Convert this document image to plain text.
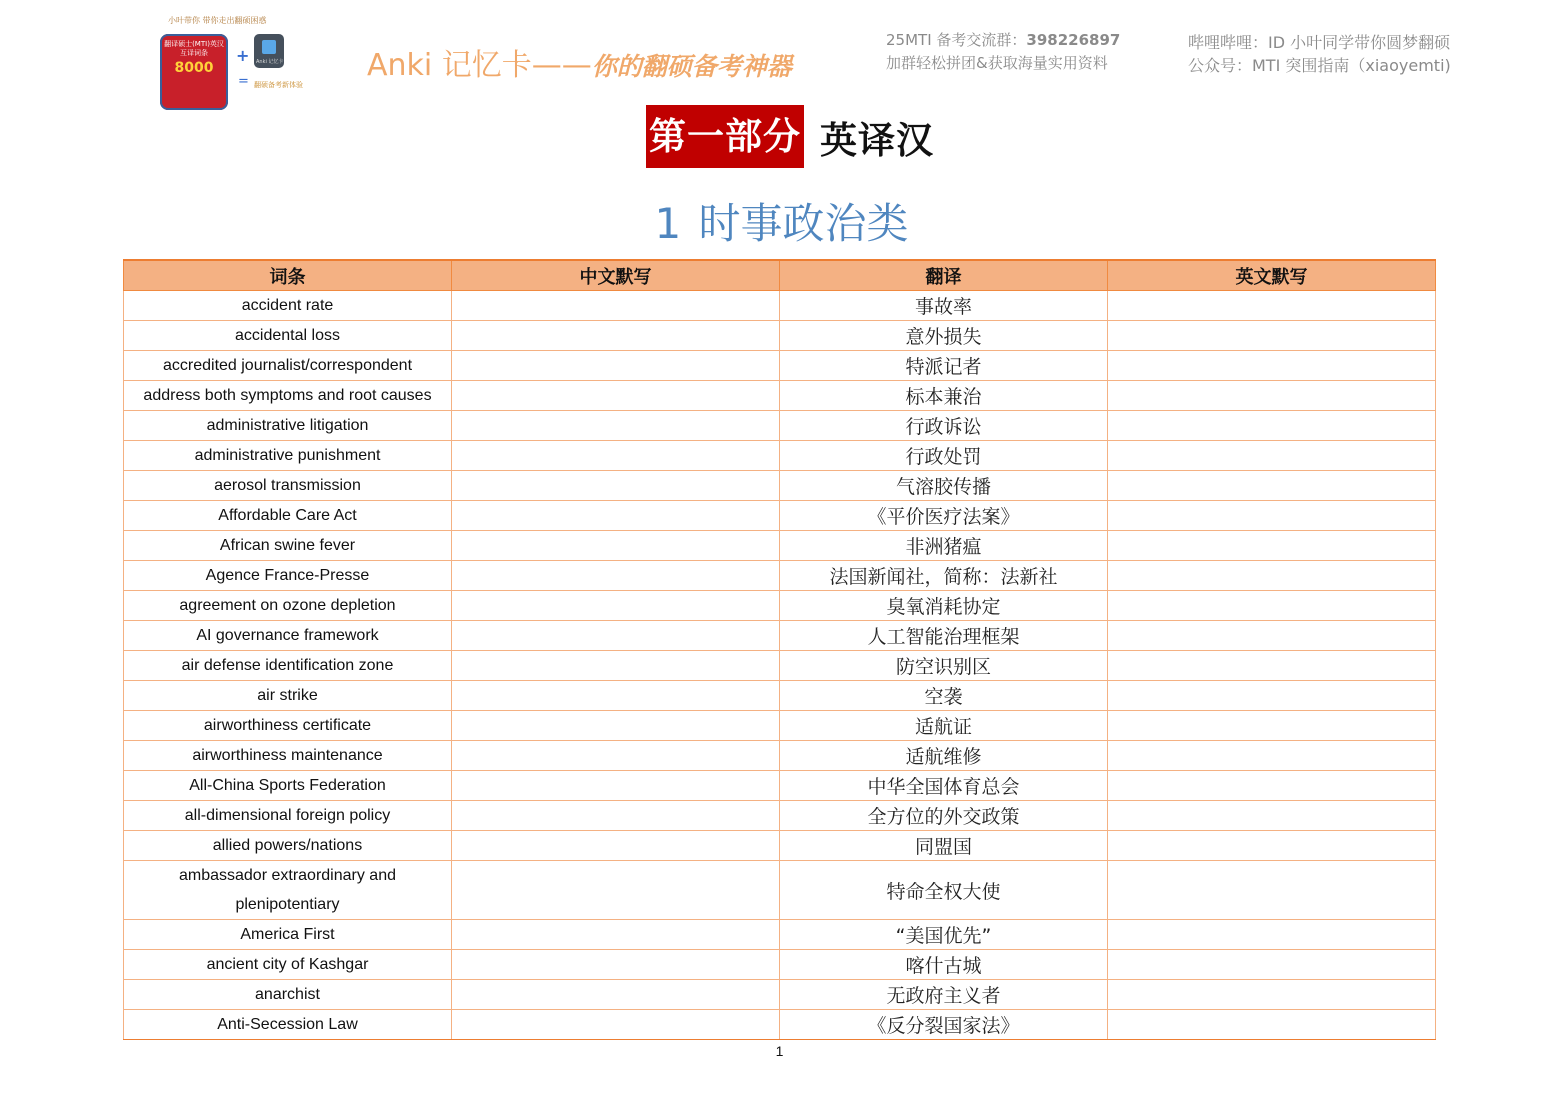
小叶带你 带你走出翻硕困惑
翻译硕士(MTI)英汉互译词条
8000
+ Anki 记忆卡
= 翻硕备考新体验
Anki 记忆卡——你的翻硕备考神器
25MTI 备考交流群：398226897
加群轻松拼团&获取海量实用资料
哔哩哔哩：ID 小叶同学带你圆梦翻硕
公众号：MTI 突围指南（xiaoyemti)
第一部分 英译汉
1 时事政治类
词条	中文默写	翻译	英文默写
accident rate		事故率	
accidental loss		意外损失	
accredited journalist/correspondent		特派记者	
address both symptoms and root causes		标本兼治	
administrative litigation		行政诉讼	
administrative punishment		行政处罚	
aerosol transmission		气溶胶传播	
Affordable Care Act		《平价医疗法案》	
African swine fever		非洲猪瘟	
Agence France-Presse		法国新闻社，简称：法新社	
agreement on ozone depletion		臭氧消耗协定	
AI governance framework		人工智能治理框架	
air defense identification zone		防空识别区	
air strike		空袭	
airworthiness certificate		适航证	
airworthiness maintenance		适航维修	
All-China Sports Federation		中华全国体育总会	
all-dimensional foreign policy		全方位的外交政策	
allied powers/nations		同盟国	
ambassador extraordinary and plenipotentiary		特命全权大使	
America First		“美国优先”	
ancient city of Kashgar		喀什古城	
anarchist		无政府主义者	
Anti-Secession Law		《反分裂国家法》	
1
